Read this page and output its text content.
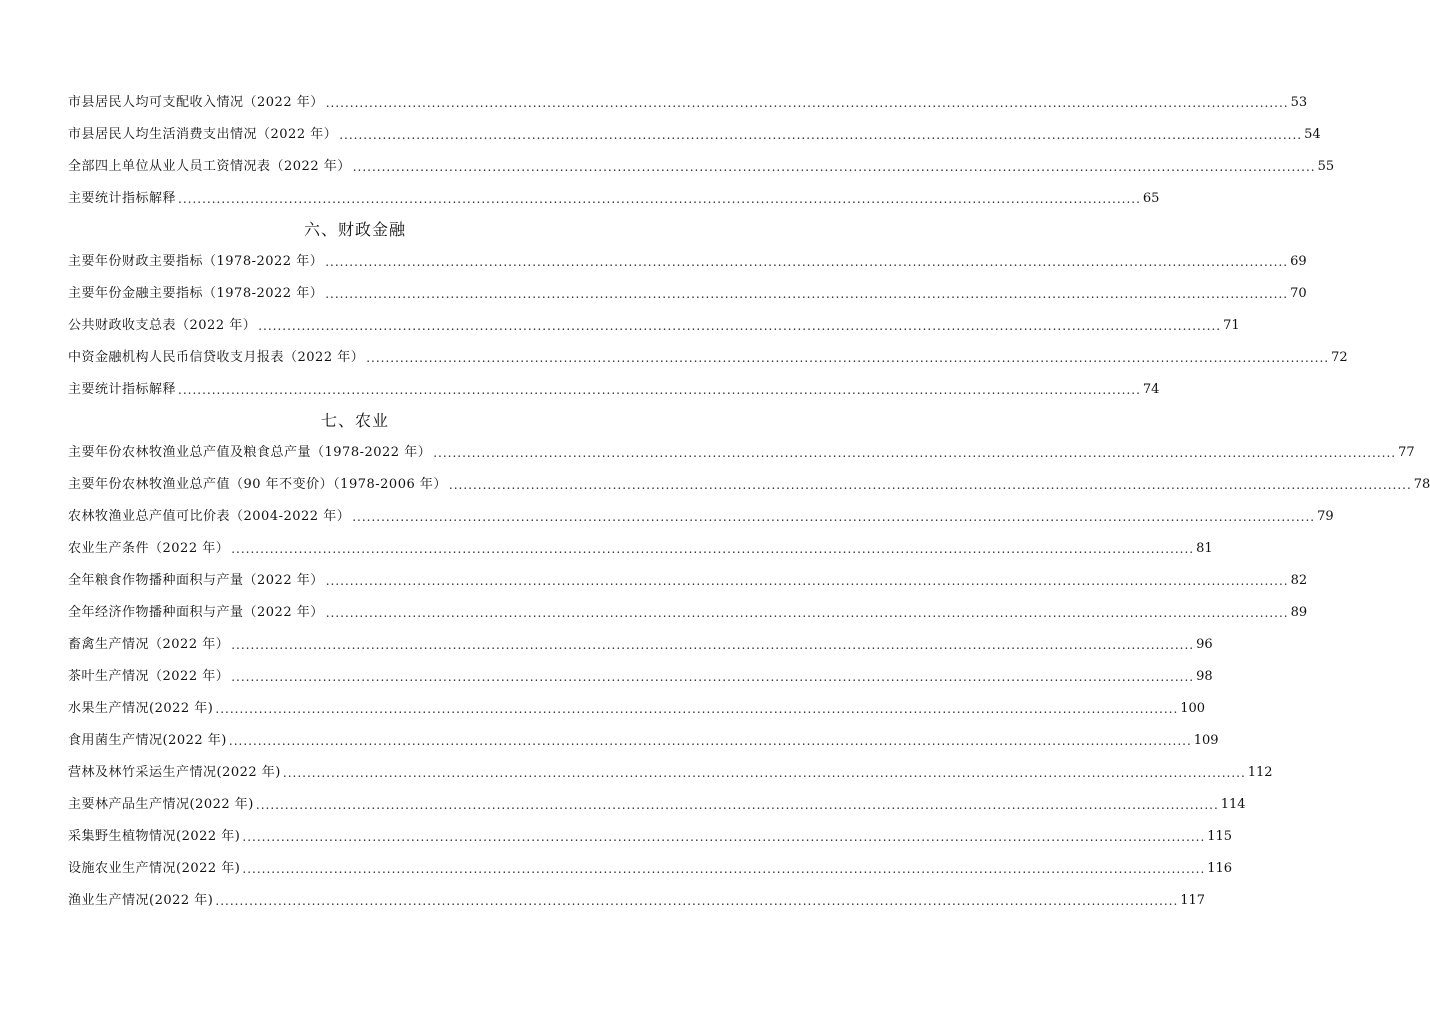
市县居民人均可支配收入情况（2022 年） ........................................................................................................................................................................................................ 53
市县居民人均生活消费支出情况（2022 年） ........................................................................................................................................................................................................ 54
全部四上单位从业人员工资情况表（2022 年） ........................................................................................................................................................................................................ 55
主要统计指标解释 ........................................................................................................................................................................................................ 65
六、财政金融
主要年份财政主要指标（1978-2022 年） ........................................................................................................................................................................................................ 69
主要年份金融主要指标（1978-2022 年） ........................................................................................................................................................................................................ 70
公共财政收支总表（2022 年） ........................................................................................................................................................................................................ 71
中资金融机构人民币信贷收支月报表（2022 年） ........................................................................................................................................................................................................ 72
主要统计指标解释 ........................................................................................................................................................................................................ 74
七、农业
主要年份农林牧渔业总产值及粮食总产量（1978-2022 年） ........................................................................................................................................................................................................ 77
主要年份农林牧渔业总产值（90 年不变价）（1978-2006 年） ........................................................................................................................................................................................................ 78
农林牧渔业总产值可比价表（2004-2022 年） ........................................................................................................................................................................................................ 79
农业生产条件（2022 年） ........................................................................................................................................................................................................ 81
全年粮食作物播种面积与产量（2022 年） ........................................................................................................................................................................................................ 82
全年经济作物播种面积与产量（2022 年） ........................................................................................................................................................................................................ 89
畜禽生产情况（2022 年） ........................................................................................................................................................................................................ 96
茶叶生产情况（2022 年） ........................................................................................................................................................................................................ 98
水果生产情况(2022 年) ........................................................................................................................................................................................................ 100
食用菌生产情况(2022 年) ........................................................................................................................................................................................................ 109
营林及林竹采运生产情况(2022 年) ........................................................................................................................................................................................................ 112
主要林产品生产情况(2022 年) ........................................................................................................................................................................................................ 114
采集野生植物情况(2022 年) ........................................................................................................................................................................................................ 115
设施农业生产情况(2022 年) ........................................................................................................................................................................................................ 116
渔业生产情况(2022 年) ........................................................................................................................................................................................................ 117
